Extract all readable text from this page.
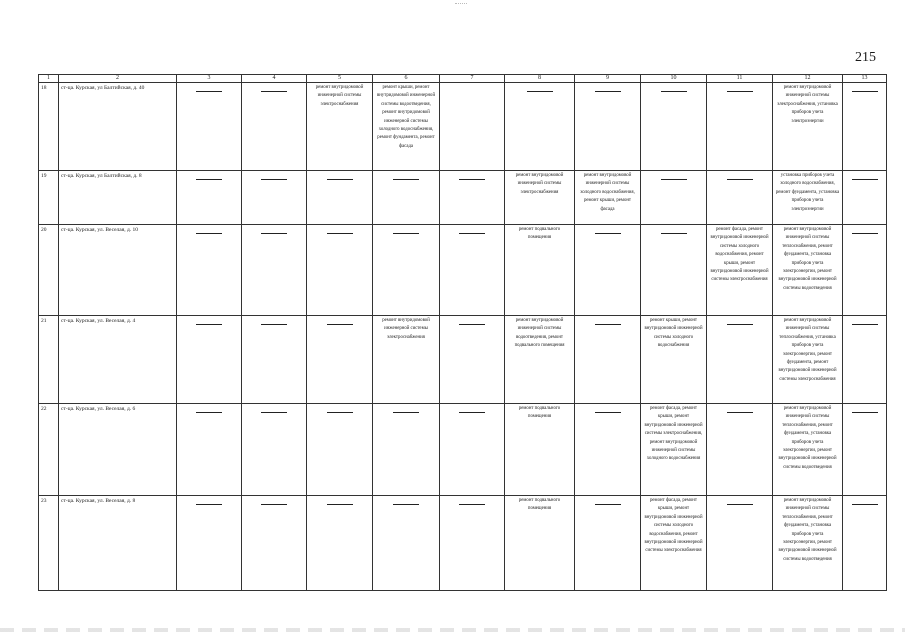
215
1	2	3	4	5	6	7	8	9	10	11	12	13
18	ст-ца. Курская, ул Балтийская, д. 40			ремонт внутридомовой инженерной системы электроснабжения	ремонт крыши, ремонт внутридомовой инженерной системы водоотведения, ремонт внутридомовой инженерной системы холодного водоснабжения, ремонт фундамента, ремонт фасада						ремонт внутридомовой инженерной системы электроснабжения, установка приборов учета электроэнергии	

19	ст-ца. Курская, ул Балтийская, д. 8						ремонт внутридомовой инженерной системы электроснабжения	ремонт внутридомовой инженерной системы холодного водоснабжения, ремонт крыши, ремонт фасада			установка приборов учета холодного водоснабжения, ремонт фундамента, установка приборов учета электроэнергии	

20	ст-ца. Курская, ул. Веселая, д. 10						ремонт подвального помещения			ремонт фасада, ремонт внутридомовой инженерной системы холодного водоснабжения, ремонт крыши, ремонт внутридомовой инженерной системы электроснабжения	ремонт внутридомовой инженерной системы теплоснабжения, ремонт фундамента, установка приборов учета электроэнергии, ремонт внутридомовой инженерной системы водоотведения	

21	ст-ца. Курская, ул. Веселая, д. 4				ремонт внутридомовой инженерной системы электроснабжения		ремонт внутридомовой инженерной системы водоотведения, ремонт подвального помещения		ремонт крыши, ремонт внутридомовой инженерной системы холодного водоснабжения		ремонт внутридомовой инженерной системы теплоснабжения, установка приборов учета электроэнергии, ремонт фундамента, ремонт внутридомовой инженерной системы электроснабжения	

22	ст-ца. Курская, ул. Веселая, д. 6						ремонт подвального помещения		ремонт фасада, ремонт крыши, ремонт внутридомовой инженерной системы электроснабжения, ремонт внутридомовой инженерной системы холодного водоснабжения		ремонт внутридомовой инженерной системы теплоснабжения, ремонт фундамента, установка приборов учета электроэнергии, ремонт внутридомовой инженерной системы водоотведения	

23	ст-ца. Курская, ул. Веселая, д. 8						ремонт подвального помещения		ремонт фасада, ремонт крыши, ремонт внутридомовой инженерной системы холодного водоснабжения, ремонт внутридомовой инженерной системы электроснабжения		ремонт внутридомовой инженерной системы теплоснабжения, ремонт фундамента, установка приборов учета электроэнергии, ремонт внутридомовой инженерной системы водоотведения	
